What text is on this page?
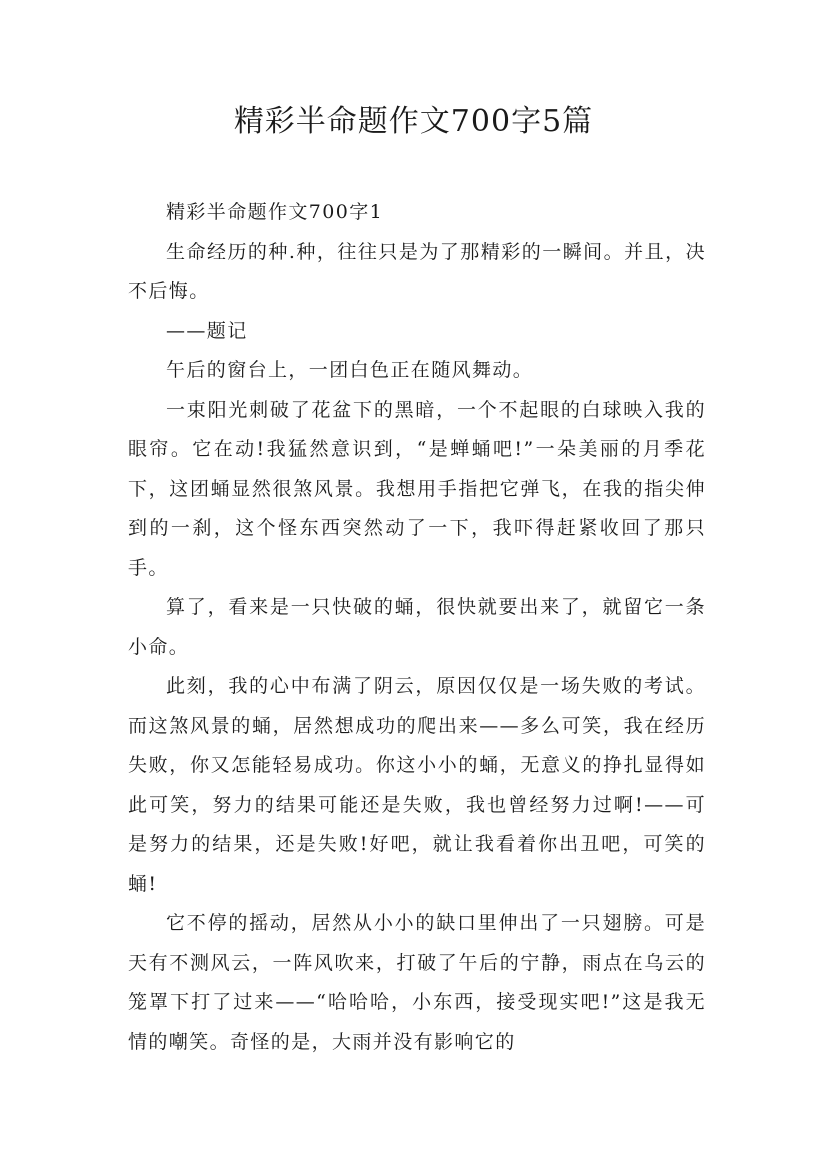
精彩半命题作文700字5篇

精彩半命题作文700字1

生命经历的种.种，往往只是为了那精彩的一瞬间。并且，决不后悔。

——题记

午后的窗台上，一团白色正在随风舞动。

一束阳光刺破了花盆下的黑暗，一个不起眼的白球映入我的眼帘。它在动!我猛然意识到，“是蝉蛹吧!”一朵美丽的月季花下，这团蛹显然很煞风景。我想用手指把它弹飞，在我的指尖伸到的一刹，这个怪东西突然动了一下，我吓得赶紧收回了那只手。

算了，看来是一只快破的蛹，很快就要出来了，就留它一条小命。

此刻，我的心中布满了阴云，原因仅仅是一场失败的考试。而这煞风景的蛹，居然想成功的爬出来——多么可笑，我在经历失败，你又怎能轻易成功。你这小小的蛹，无意义的挣扎显得如此可笑，努力的结果可能还是失败，我也曾经努力过啊!——可是努力的结果，还是失败!好吧，就让我看着你出丑吧，可笑的蛹!

它不停的摇动，居然从小小的缺口里伸出了一只翅膀。可是天有不测风云，一阵风吹来，打破了午后的宁静，雨点在乌云的笼罩下打了过来——“哈哈哈，小东西，接受现实吧!”这是我无情的嘲笑。奇怪的是，大雨并没有影响它的
